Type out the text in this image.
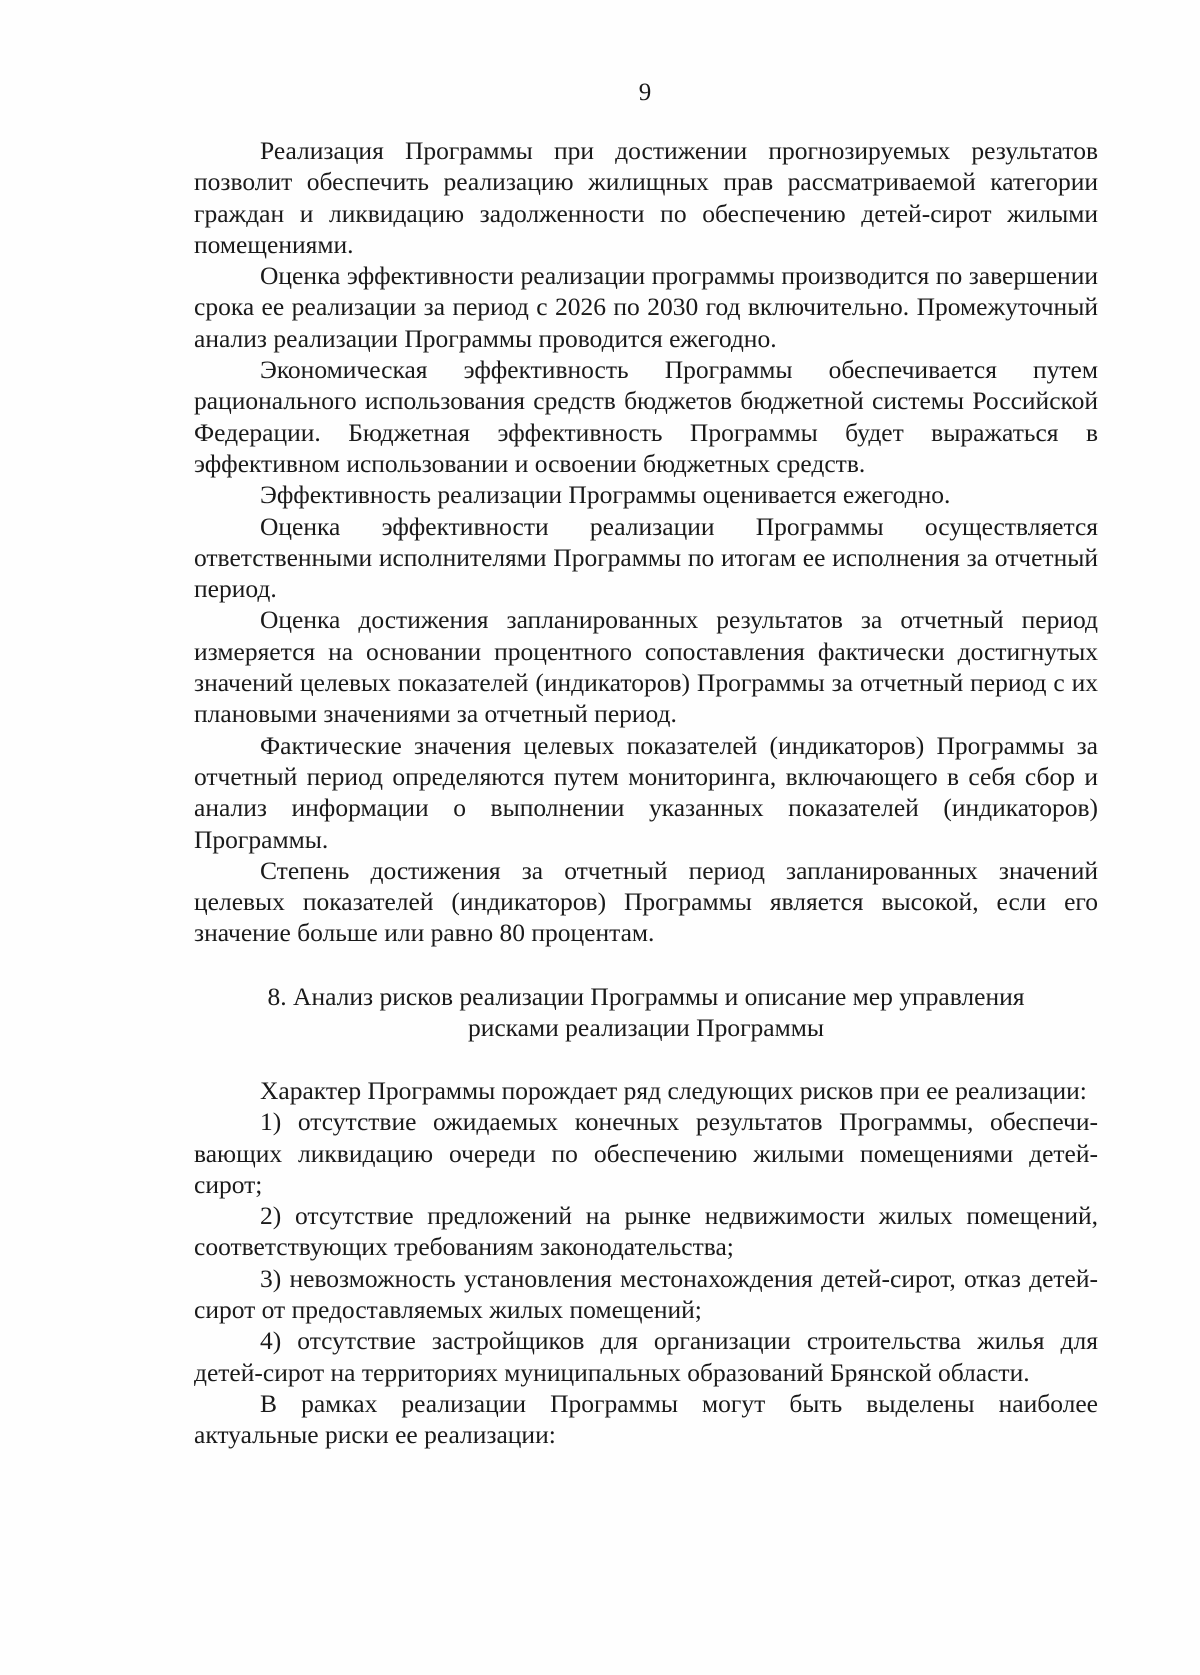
9

Реализация Программы при достижении прогнозируемых результатов позволит обеспечить реализацию жилищных прав рассматриваемой категории граждан и ликвидацию задолженности по обеспечению детей-сирот жилыми помещениями.

Оценка эффективности реализации программы производится по завершении срока ее реализации за период с 2026 по 2030 год включительно. Промежуточный анализ реализации Программы проводится ежегодно.

Экономическая эффективность Программы обеспечивается путем рационального использования средств бюджетов бюджетной системы Российской Федерации. Бюджетная эффективность Программы будет выражаться в эффективном использовании и освоении бюджетных средств.

Эффективность реализации Программы оценивается ежегодно.

Оценка эффективности реализации Программы осуществляется ответственными исполнителями Программы по итогам ее исполнения за отчетный период.

Оценка достижения запланированных результатов за отчетный период измеряется на основании процентного сопоставления фактически достигнутых значений целевых показателей (индикаторов) Программы за отчетный период с их плановыми значениями за отчетный период.

Фактические значения целевых показателей (индикаторов) Программы за отчетный период определяются путем мониторинга, включающего в себя сбор и анализ информации о выполнении указанных показателей (индикаторов) Программы.

Степень достижения за отчетный период запланированных значений целевых показателей (индикаторов) Программы является высокой, если его значение больше или равно 80 процентам.

8. Анализ рисков реализации Программы и описание мер управления
рисками реализации Программы

Характер Программы порождает ряд следующих рисков при ее реализации:

1) отсутствие ожидаемых конечных результатов Программы, обеспечивающих ликвидацию очереди по обеспечению жилыми помещениями детей-сирот;

2) отсутствие предложений на рынке недвижимости жилых помещений, соответствующих требованиям законодательства;

3) невозможность установления местонахождения детей-сирот, отказ детей-сирот от предоставляемых жилых помещений;

4) отсутствие застройщиков для организации строительства жилья для детей-сирот на территориях муниципальных образований Брянской области.

В рамках реализации Программы могут быть выделены наиболее актуальные риски ее реализации:
